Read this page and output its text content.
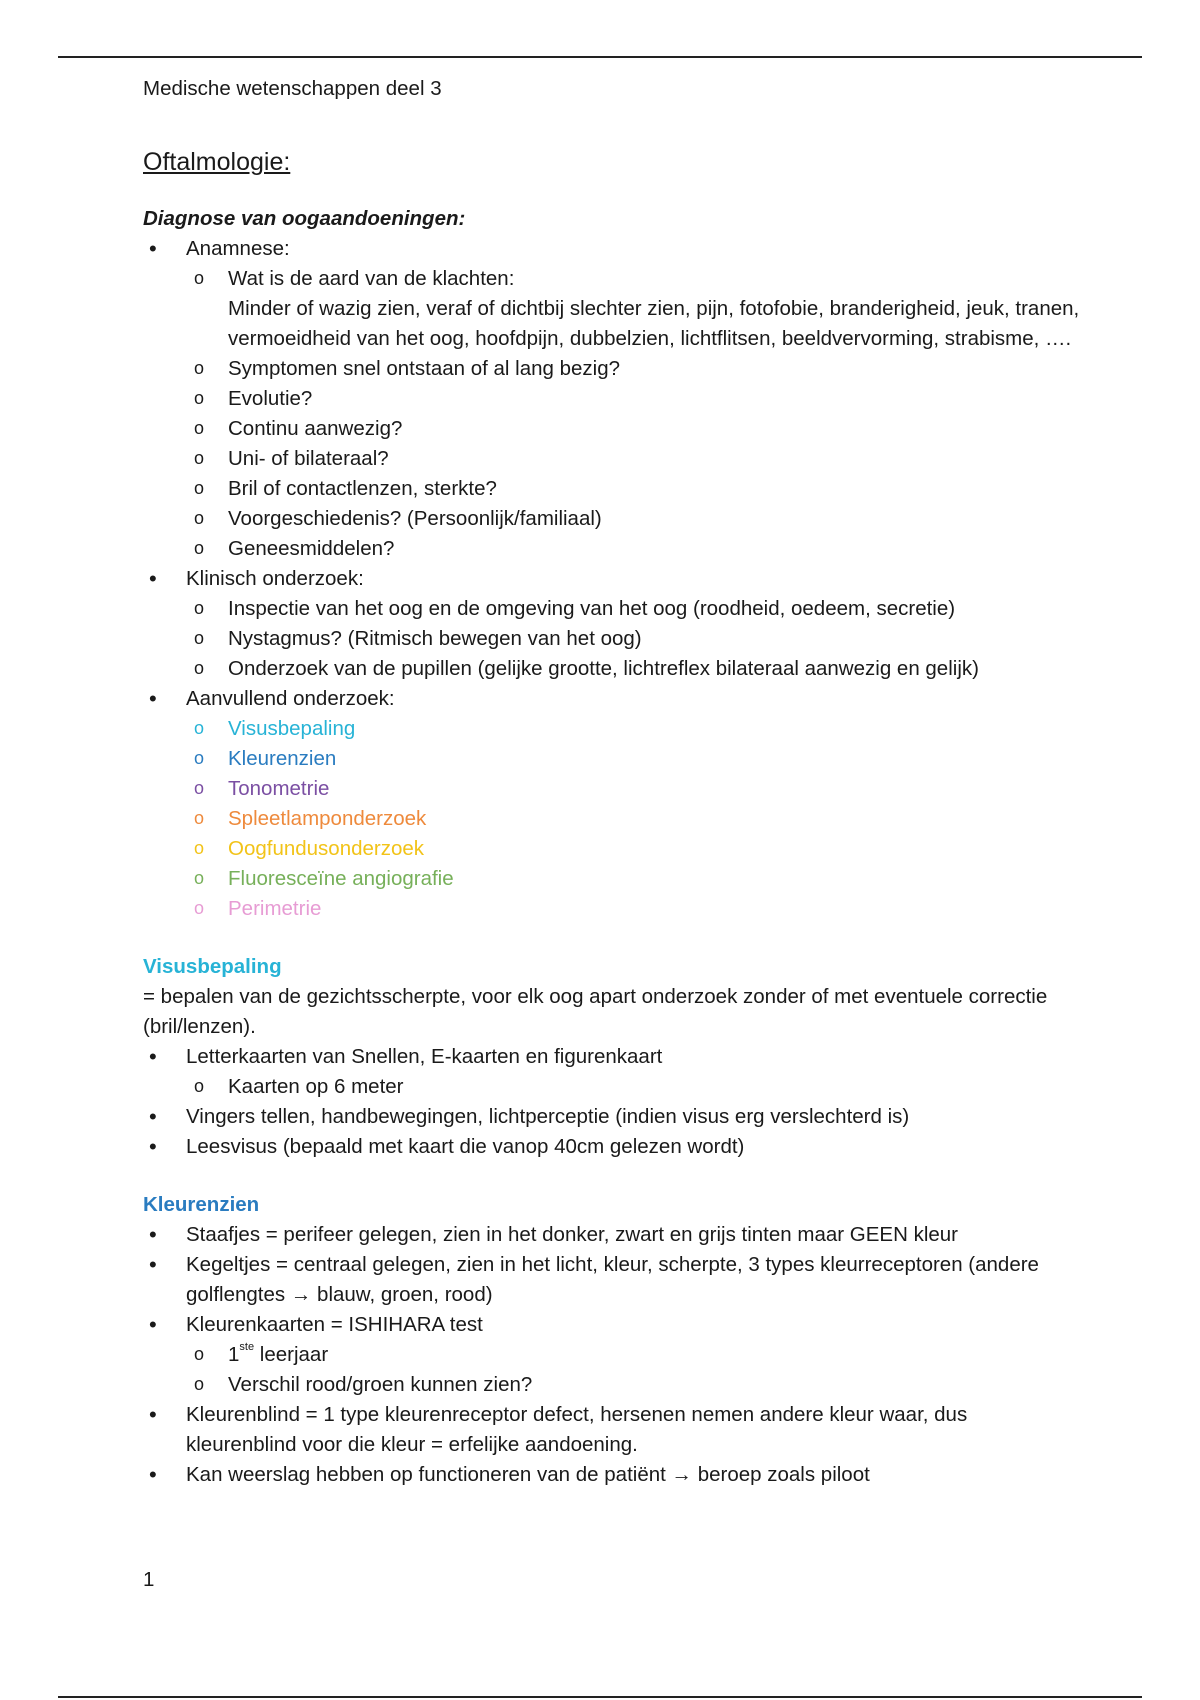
Medische wetenschappen deel 3
Oftalmologie:
Diagnose van oogaandoeningen:
• Anamnese:
o Wat is de aard van de klachten:
Minder of wazig zien, veraf of dichtbij slechter zien, pijn, fotofobie, branderigheid, jeuk, tranen, vermoeidheid van het oog, hoofdpijn, dubbelzien, lichtflitsen, beeldvervorming, strabisme, ….
o Symptomen snel ontstaan of al lang bezig?
o Evolutie?
o Continu aanwezig?
o Uni- of bilateraal?
o Bril of contactlenzen, sterkte?
o Voorgeschiedenis? (Persoonlijk/familiaal)
o Geneesmiddelen?
• Klinisch onderzoek:
o Inspectie van het oog en de omgeving van het oog (roodheid, oedeem, secretie)
o Nystagmus? (Ritmisch bewegen van het oog)
o Onderzoek van de pupillen (gelijke grootte, lichtreflex bilateraal aanwezig en gelijk)
• Aanvullend onderzoek:
o Visusbepaling
o Kleurenzien
o Tonometrie
o Spleetlamponderzoek
o Oogfundusonderzoek
o Fluoresceïne angiografie
o Perimetrie
Visusbepaling
= bepalen van de gezichtsscherpte, voor elk oog apart onderzoek zonder of met eventuele correctie (bril/lenzen).
• Letterkaarten van Snellen, E-kaarten en figurenkaart
o Kaarten op 6 meter
• Vingers tellen, handbewegingen, lichtperceptie (indien visus erg verslechterd is)
• Leesvisus (bepaald met kaart die vanop 40cm gelezen wordt)
Kleurenzien
• Staafjes = perifeer gelegen, zien in het donker, zwart en grijs tinten maar GEEN kleur
• Kegeltjes = centraal gelegen, zien in het licht, kleur, scherpte, 3 types kleurreceptoren (andere golflengtes → blauw, groen, rood)
• Kleurenkaarten = ISHIHARA test
o 1ste leerjaar
o Verschil rood/groen kunnen zien?
• Kleurenblind = 1 type kleurenreceptor defect, hersenen nemen andere kleur waar, dus kleurenblind voor die kleur = erfelijke aandoening.
• Kan weerslag hebben op functioneren van de patiënt → beroep zoals piloot
1
